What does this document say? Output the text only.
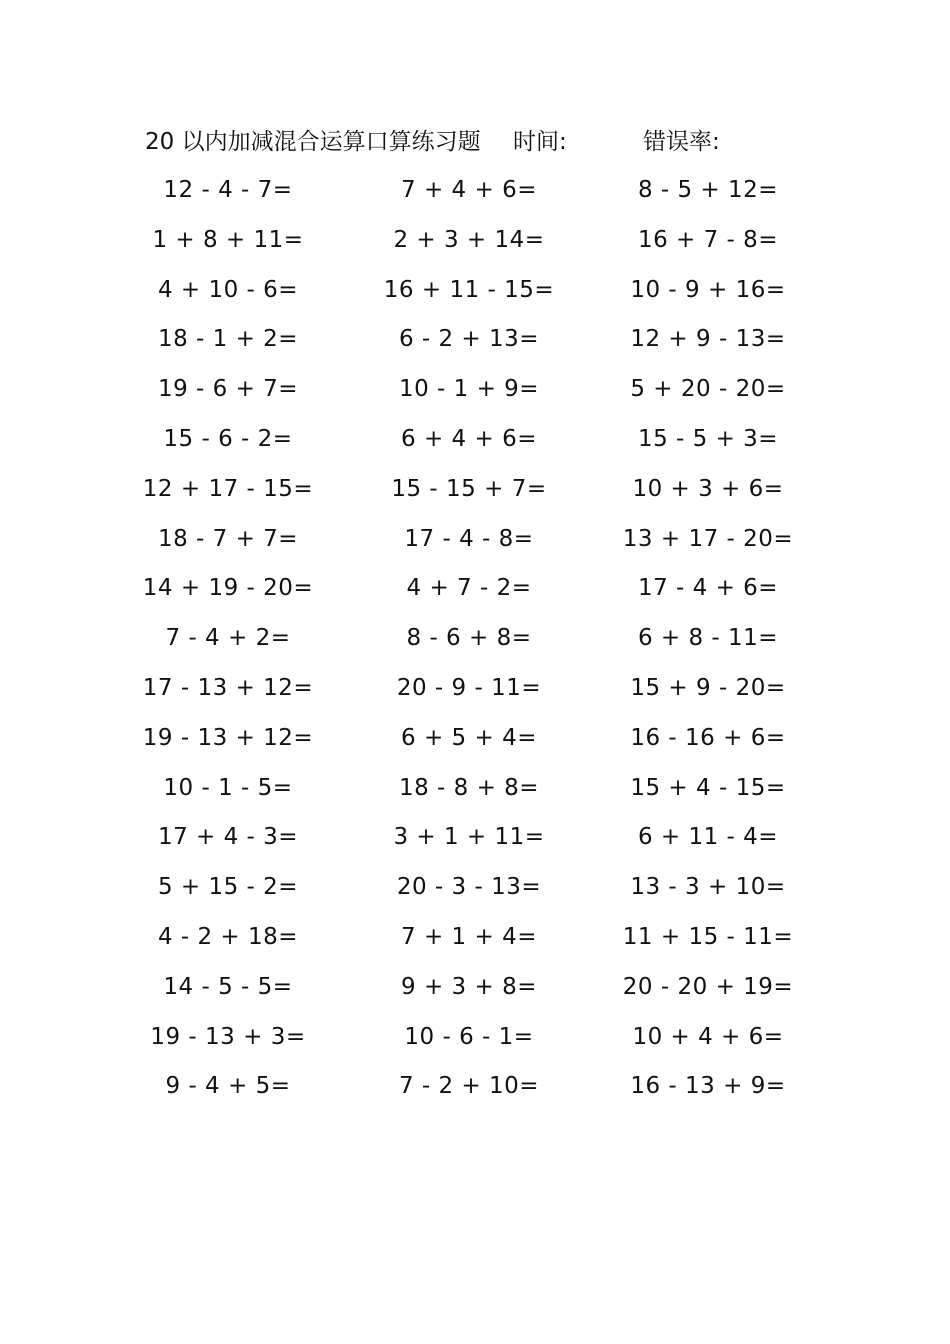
20 以内加减混合运算口算练习题 时间:	错误率:
12 - 4 - 7=	7 + 4 + 6=	8 - 5 + 12=
1 + 8 + 11=	2 + 3 + 14=	16 + 7 - 8=
4 + 10 - 6=	16 + 11 - 15=	10 - 9 + 16=
18 - 1 + 2=	6 - 2 + 13=	12 + 9 - 13=
19 - 6 + 7=	10 - 1 + 9=	5 + 20 - 20=
15 - 6 - 2=	6 + 4 + 6=	15 - 5 + 3=
12 + 17 - 15=	15 - 15 + 7=	10 + 3 + 6=
18 - 7 + 7=	17 - 4 - 8=	13 + 17 - 20=
14 + 19 - 20=	4 + 7 - 2=	17 - 4 + 6=
7 - 4 + 2=	8 - 6 + 8=	6 + 8 - 11=
17 - 13 + 12=	20 - 9 - 11=	15 + 9 - 20=
19 - 13 + 12=	6 + 5 + 4=	16 - 16 + 6=
10 - 1 - 5=	18 - 8 + 8=	15 + 4 - 15=
17 + 4 - 3=	3 + 1 + 11=	6 + 11 - 4=
5 + 15 - 2=	20 - 3 - 13=	13 - 3 + 10=
4 - 2 + 18=	7 + 1 + 4=	11 + 15 - 11=
14 - 5 - 5=	9 + 3 + 8=	20 - 20 + 19=
19 - 13 + 3=	10 - 6 - 1=	10 + 4 + 6=
9 - 4 + 5=	7 - 2 + 10=	16 - 13 + 9=
